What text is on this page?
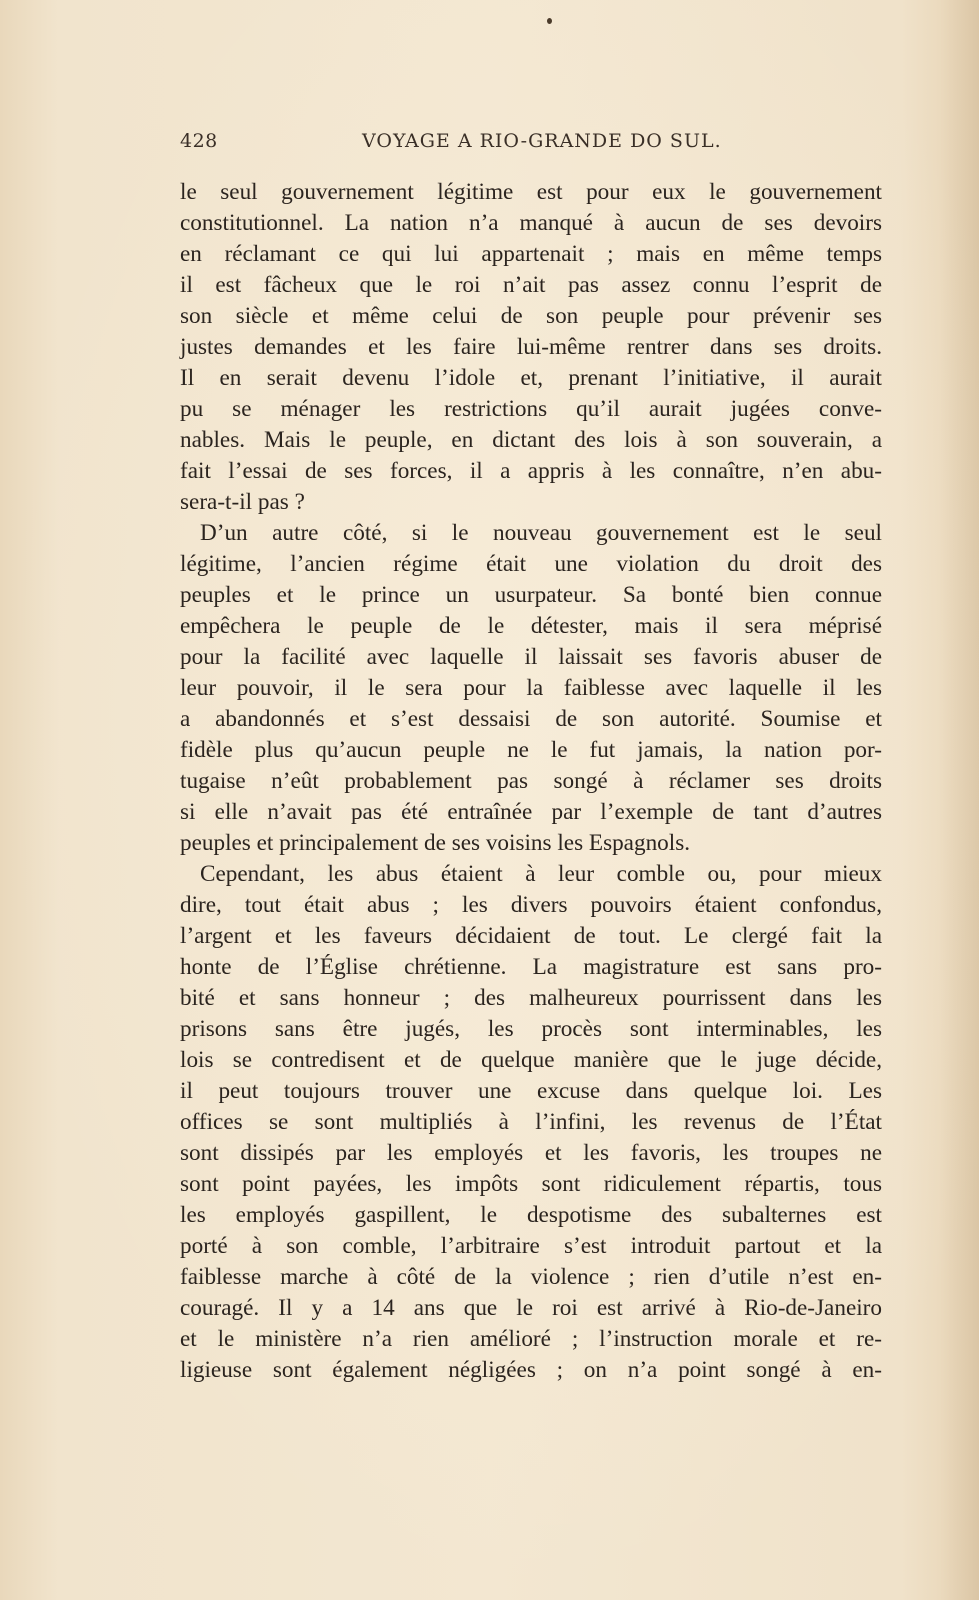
428	VOYAGE A RIO-GRANDE DO SUL.
le seul gouvernement légitime est pour eux le gouvernement
constitutionnel. La nation n’a manqué à aucun de ses devoirs
en réclamant ce qui lui appartenait ; mais en même temps
il est fâcheux que le roi n’ait pas assez connu l’esprit de
son siècle et même celui de son peuple pour prévenir ses
justes demandes et les faire lui-même rentrer dans ses droits.
Il en serait devenu l’idole et, prenant l’initiative, il aurait
pu se ménager les restrictions qu’il aurait jugées conve-
nables. Mais le peuple, en dictant des lois à son souverain, a
fait l’essai de ses forces, il a appris à les connaître, n’en abu-
sera-t-il pas ?
D’un autre côté, si le nouveau gouvernement est le seul
légitime, l’ancien régime était une violation du droit des
peuples et le prince un usurpateur. Sa bonté bien connue
empêchera le peuple de le détester, mais il sera méprisé
pour la facilité avec laquelle il laissait ses favoris abuser de
leur pouvoir, il le sera pour la faiblesse avec laquelle il les
a abandonnés et s’est dessaisi de son autorité. Soumise et
fidèle plus qu’aucun peuple ne le fut jamais, la nation por-
tugaise n’eût probablement pas songé à réclamer ses droits
si elle n’avait pas été entraînée par l’exemple de tant d’autres
peuples et principalement de ses voisins les Espagnols.
Cependant, les abus étaient à leur comble ou, pour mieux
dire, tout était abus ; les divers pouvoirs étaient confondus,
l’argent et les faveurs décidaient de tout. Le clergé fait la
honte de l’Église chrétienne. La magistrature est sans pro-
bité et sans honneur ; des malheureux pourrissent dans les
prisons sans être jugés, les procès sont interminables, les
lois se contredisent et de quelque manière que le juge décide,
il peut toujours trouver une excuse dans quelque loi. Les
offices se sont multipliés à l’infini, les revenus de l’État
sont dissipés par les employés et les favoris, les troupes ne
sont point payées, les impôts sont ridiculement répartis, tous
les employés gaspillent, le despotisme des subalternes est
porté à son comble, l’arbitraire s’est introduit partout et la
faiblesse marche à côté de la violence ; rien d’utile n’est en-
couragé. Il y a 14 ans que le roi est arrivé à Rio-de-Janeiro
et le ministère n’a rien amélioré ; l’instruction morale et re-
ligieuse sont également négligées ; on n’a point songé à en-
